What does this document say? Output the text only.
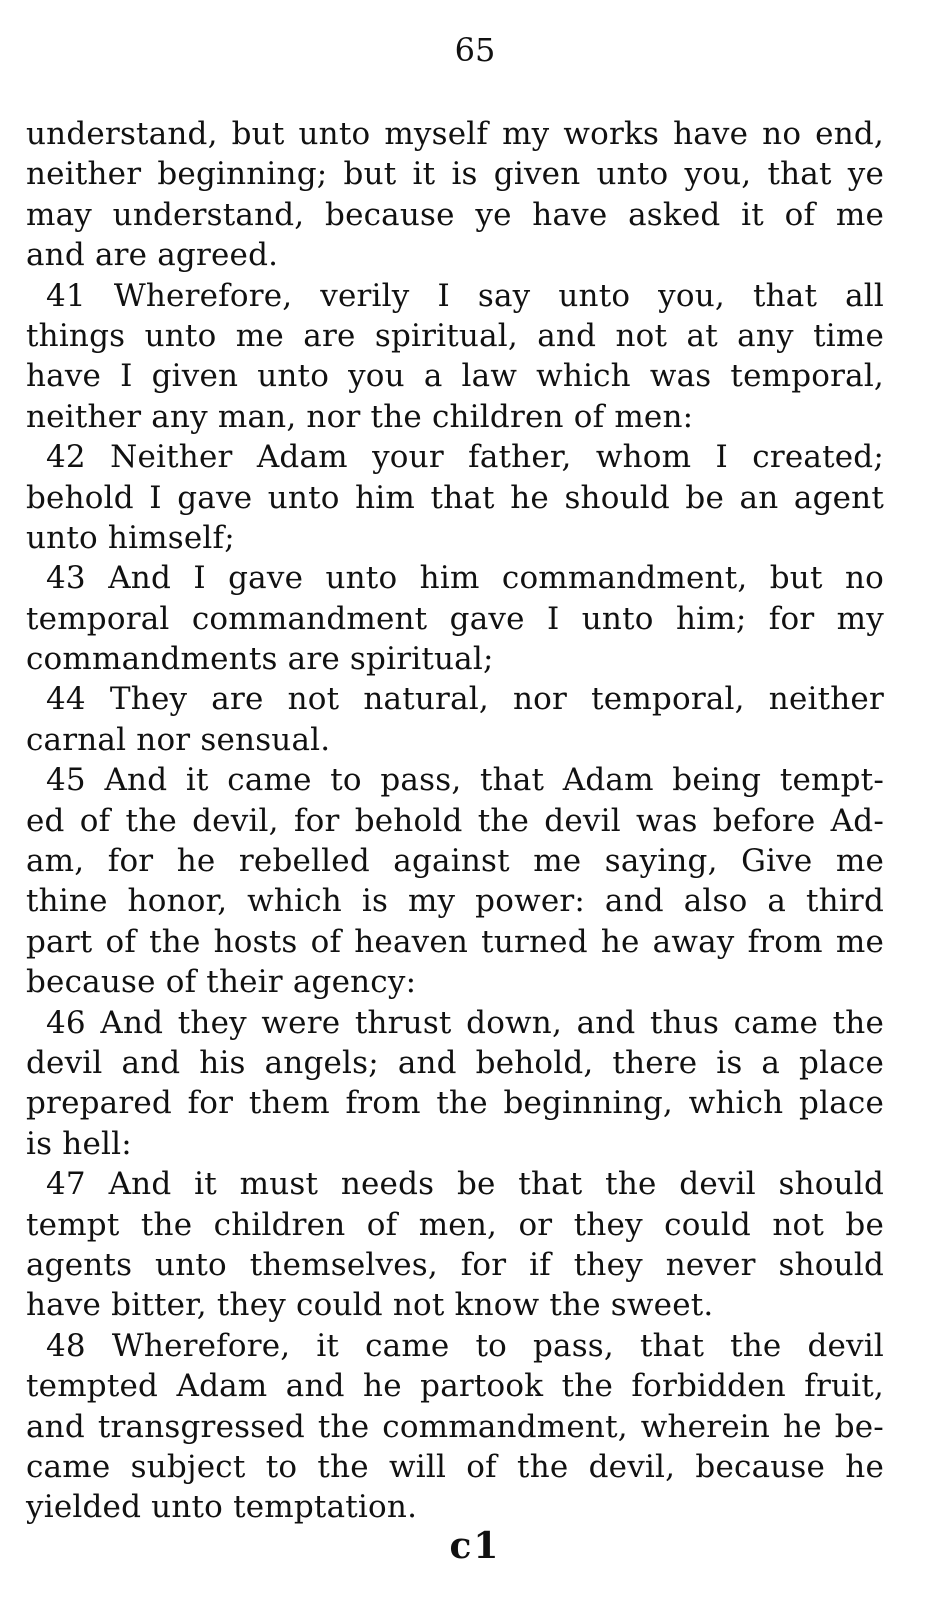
65
understand, but unto myself my works have no end,
neither beginning; but it is given unto you, that ye
may understand, because ye have asked it of me
and are agreed.
41 Wherefore, verily I say unto you, that all
things unto me are spiritual, and not at any time
have I given unto you a law which was temporal,
neither any man, nor the children of men:
42 Neither Adam your father, whom I created;
behold I gave unto him that he should be an agent
unto himself;
43 And I gave unto him commandment, but no
temporal commandment gave I unto him; for my
commandments are spiritual;
44 They are not natural, nor temporal, neither
carnal nor sensual.
45 And it came to pass, that Adam being tempt-
ed of the devil, for behold the devil was before Ad-
am, for he rebelled against me saying, Give me
thine honor, which is my power: and also a third
part of the hosts of heaven turned he away from me
because of their agency:
46 And they were thrust down, and thus came the
devil and his angels; and behold, there is a place
prepared for them from the beginning, which place
is hell:
47 And it must needs be that the devil should
tempt the children of men, or they could not be
agents unto themselves, for if they never should
have bitter, they could not know the sweet.
48 Wherefore, it came to pass, that the devil
tempted Adam and he partook the forbidden fruit,
and transgressed the commandment, wherein he be-
came subject to the will of the devil, because he
yielded unto temptation.
c1
